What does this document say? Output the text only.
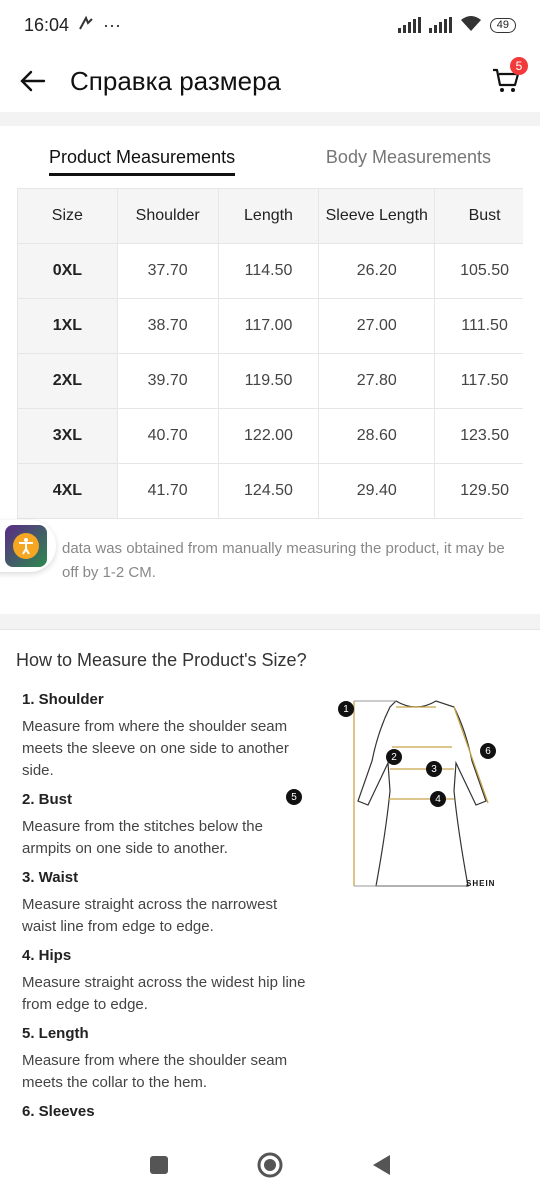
16:04 ···	49
Справка размера	5
Product Measurements	Body Measurements
Size	Shoulder	Length	Sleeve Length	Bust
0XL	37.70	114.50	26.20	105.50
1XL	38.70	117.00	27.00	111.50
2XL	39.70	119.50	27.80	117.50
3XL	40.70	122.00	28.60	123.50
4XL	41.70	124.50	29.40	129.50

data was obtained from manually measuring the product, it may be off by 1-2 CM.

How to Measure the Product's Size?
1. Shoulder
Measure from where the shoulder seam meets the sleeve on one side to another side.
2. Bust
Measure from the stitches below the armpits on one side to another.
3. Waist
Measure straight across the narrowest waist line from edge to edge.
4. Hips
Measure straight across the widest hip line from edge to edge.
5. Length
Measure from where the shoulder seam meets the collar to the hem.
6. Sleeves
1
2
3
4
5
6
SHEIN
